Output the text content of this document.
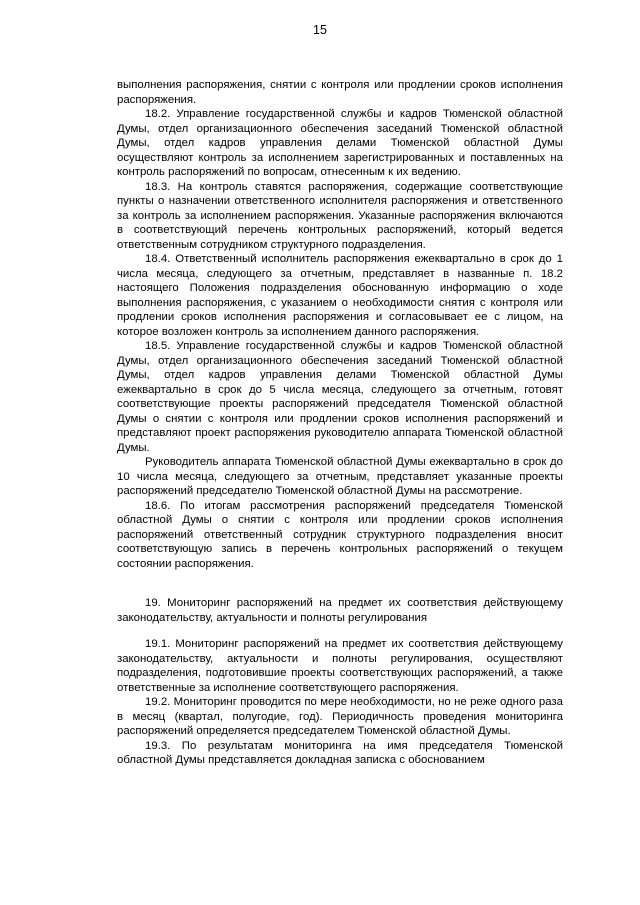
15

выполнения распоряжения, снятии с контроля или продлении сроков исполнения распоряжения.

18.2. Управление государственной службы и кадров Тюменской областной Думы, отдел организационного обеспечения заседаний Тюменской областной Думы, отдел кадров управления делами Тюменской областной Думы осуществляют контроль за исполнением зарегистрированных и поставленных на контроль распоряжений по вопросам, отнесенным к их ведению.

18.3. На контроль ставятся распоряжения, содержащие соответствующие пункты о назначении ответственного исполнителя распоряжения и ответственного за контроль за исполнением распоряжения. Указанные распоряжения включаются в соответствующий перечень контрольных распоряжений, который ведется ответственным сотрудником структурного подразделения.

18.4. Ответственный исполнитель распоряжения ежеквартально в срок до 1 числа месяца, следующего за отчетным, представляет в названные п. 18.2 настоящего Положения подразделения обоснованную информацию о ходе выполнения распоряжения, с указанием о необходимости снятия с контроля или продлении сроков исполнения распоряжения и согласовывает ее с лицом, на которое возложен контроль за исполнением данного распоряжения.

18.5. Управление государственной службы и кадров Тюменской областной Думы, отдел организационного обеспечения заседаний Тюменской областной Думы, отдел кадров управления делами Тюменской областной Думы ежеквартально в срок до 5 числа месяца, следующего за отчетным, готовят соответствующие проекты распоряжений председателя Тюменской областной Думы о снятии с контроля или продлении сроков исполнения распоряжений и представляют проект распоряжения руководителю аппарата Тюменской областной Думы.

Руководитель аппарата Тюменской областной Думы ежеквартально в срок до 10 числа месяца, следующего за отчетным, представляет указанные проекты распоряжений председателю Тюменской областной Думы на рассмотрение.

18.6. По итогам рассмотрения распоряжений председателя Тюменской областной Думы о снятии с контроля или продлении сроков исполнения распоряжений ответственный сотрудник структурного подразделения вносит соответствующую запись в перечень контрольных распоряжений о текущем состоянии распоряжения.

19. Мониторинг распоряжений на предмет их соответствия действующему законодательству, актуальности и полноты регулирования

19.1. Мониторинг распоряжений на предмет их соответствия действующему законодательству, актуальности и полноты регулирования, осуществляют подразделения, подготовившие проекты соответствующих распоряжений, а также ответственные за исполнение соответствующего распоряжения.

19.2. Мониторинг проводится по мере необходимости, но не реже одного раза в месяц (квартал, полугодие, год). Периодичность проведения мониторинга распоряжений определяется председателем Тюменской областной Думы.

19.3. По результатам мониторинга на имя председателя Тюменской областной Думы представляется докладная записка с обоснованием
